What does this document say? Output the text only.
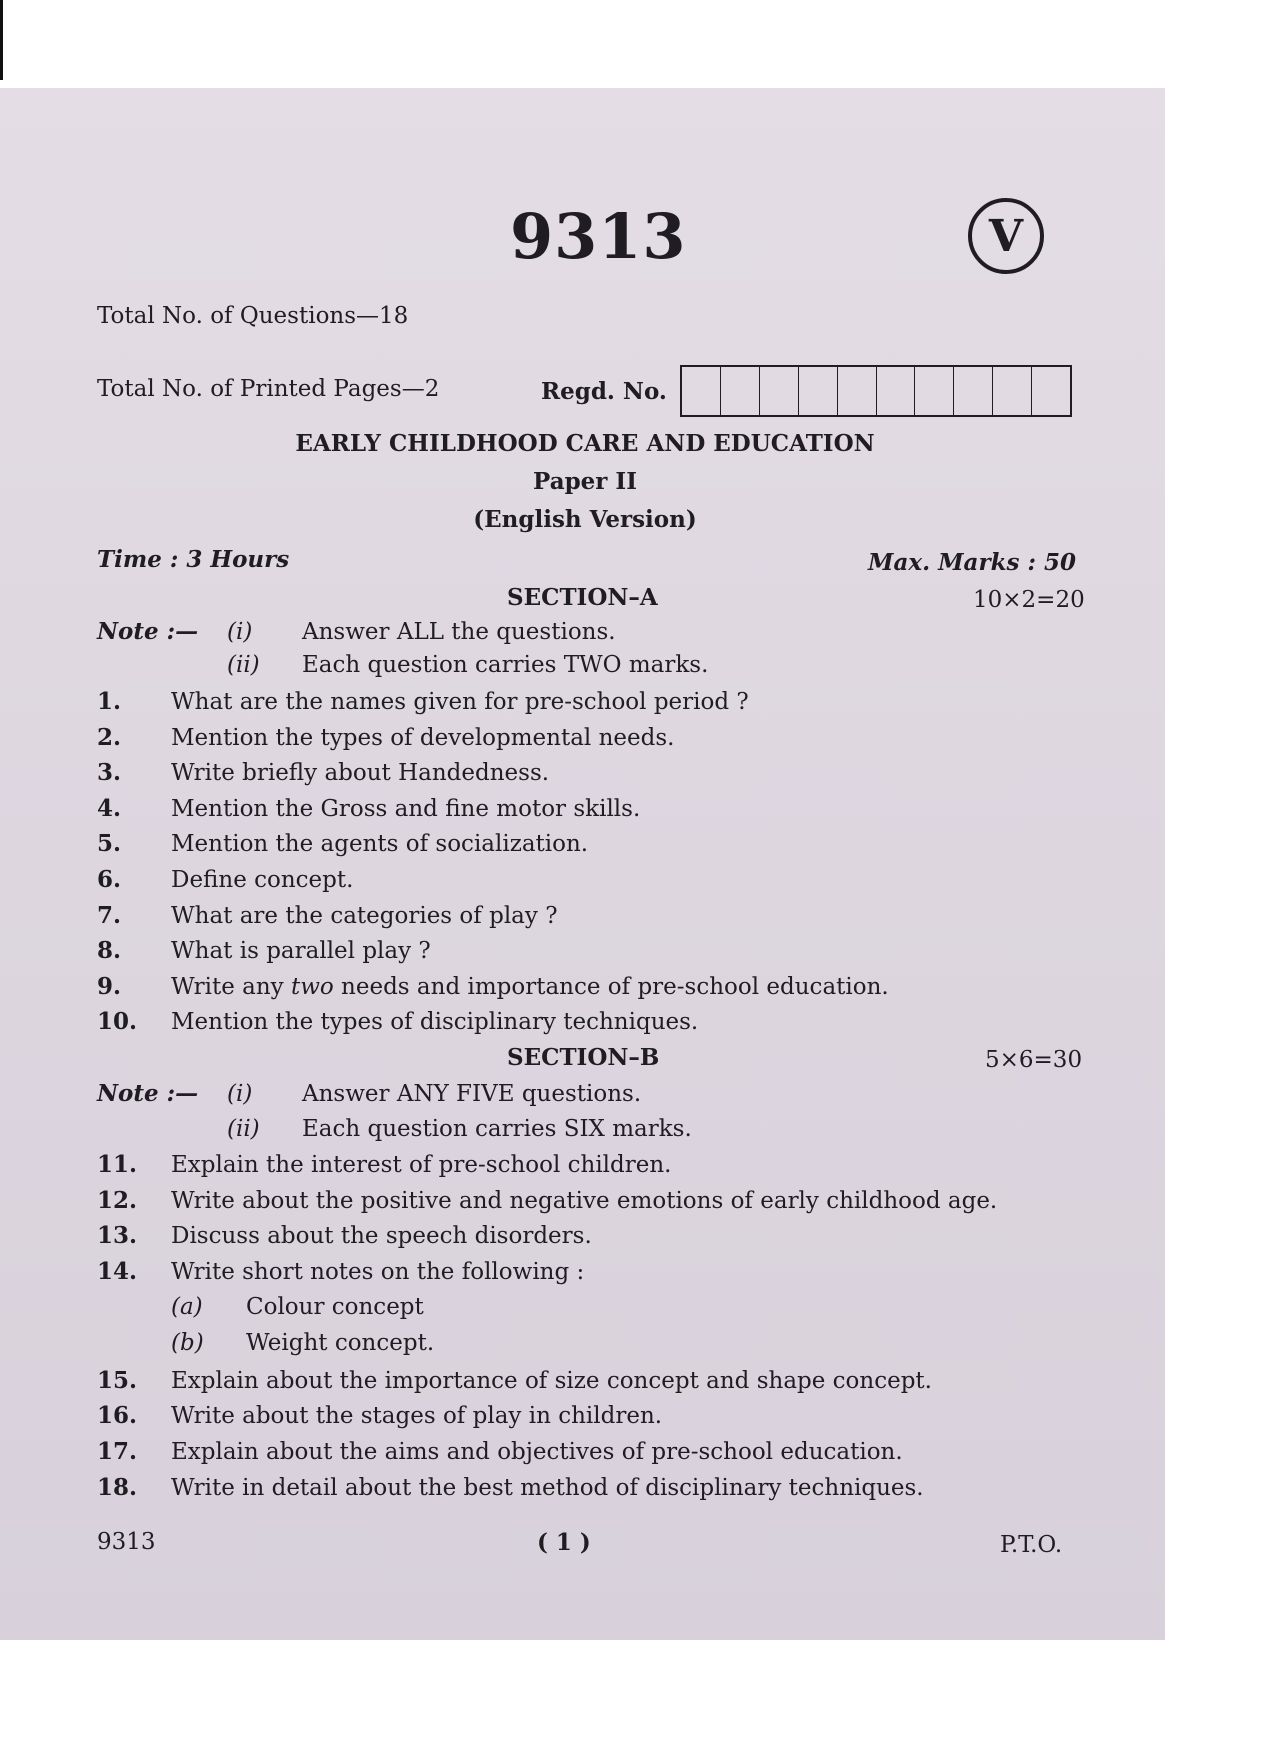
9313	V
Total No. of Questions—18
Total No. of Printed Pages—2	Regd. No.
EARLY CHILDHOOD CARE AND EDUCATION
Paper II
(English Version)
Time : 3 Hours	Max. Marks : 50
SECTION–A	10×2=20
Note :— (i) Answer ALL the questions.
(ii) Each question carries TWO marks.
1. What are the names given for pre-school period ?
2. Mention the types of developmental needs.
3. Write briefly about Handedness.
4. Mention the Gross and fine motor skills.
5. Mention the agents of socialization.
6. Define concept.
7. What are the categories of play ?
8. What is parallel play ?
9. Write any two needs and importance of pre-school education.
10. Mention the types of disciplinary techniques.
SECTION–B	5×6=30
Note :— (i) Answer ANY FIVE questions.
(ii) Each question carries SIX marks.
11. Explain the interest of pre-school children.
12. Write about the positive and negative emotions of early childhood age.
13. Discuss about the speech disorders.
14. Write short notes on the following :
(a) Colour concept
(b) Weight concept.
15. Explain about the importance of size concept and shape concept.
16. Write about the stages of play in children.
17. Explain about the aims and objectives of pre-school education.
18. Write in detail about the best method of disciplinary techniques.
9313	( 1 )	P.T.O.
